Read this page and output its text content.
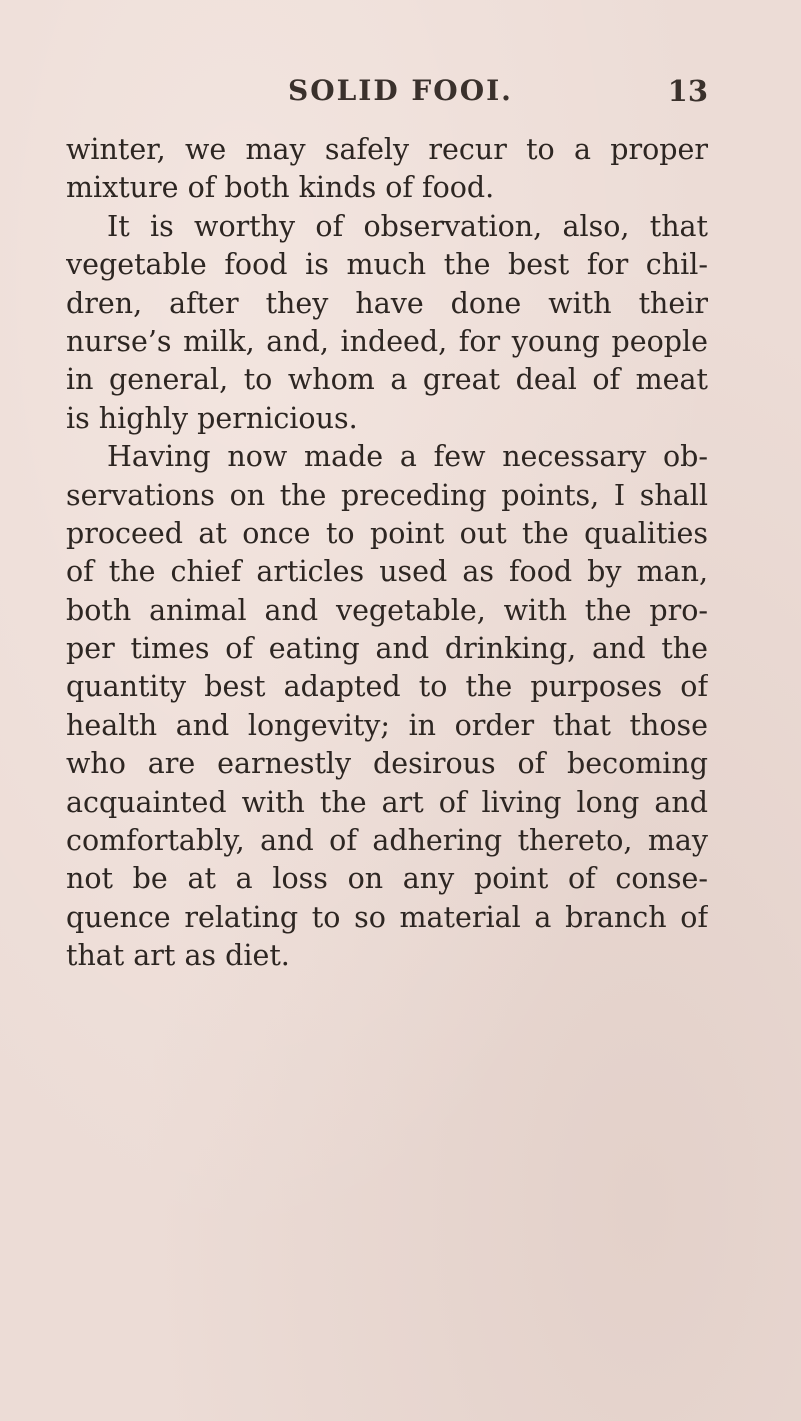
SOLID FOOI.	13
winter, we may safely recur to a proper
mixture of both kinds of food.
It is worthy of observation, also, that
vegetable food is much the best for chil-
dren, after they have done with their
nurse’s milk, and, indeed, for young people
in general, to whom a great deal of meat
is highly pernicious.
Having now made a few necessary ob-
servations on the preceding points, I shall
proceed at once to point out the qualities
of the chief articles used as food by man,
both animal and vegetable, with the pro-
per times of eating and drinking, and the
quantity best adapted to the purposes of
health and longevity; in order that those
who are earnestly desirous of becoming
acquainted with the art of living long and
comfortably, and of adhering thereto, may
not be at a loss on any point of conse-
quence relating to so material a branch of
that art as diet.
